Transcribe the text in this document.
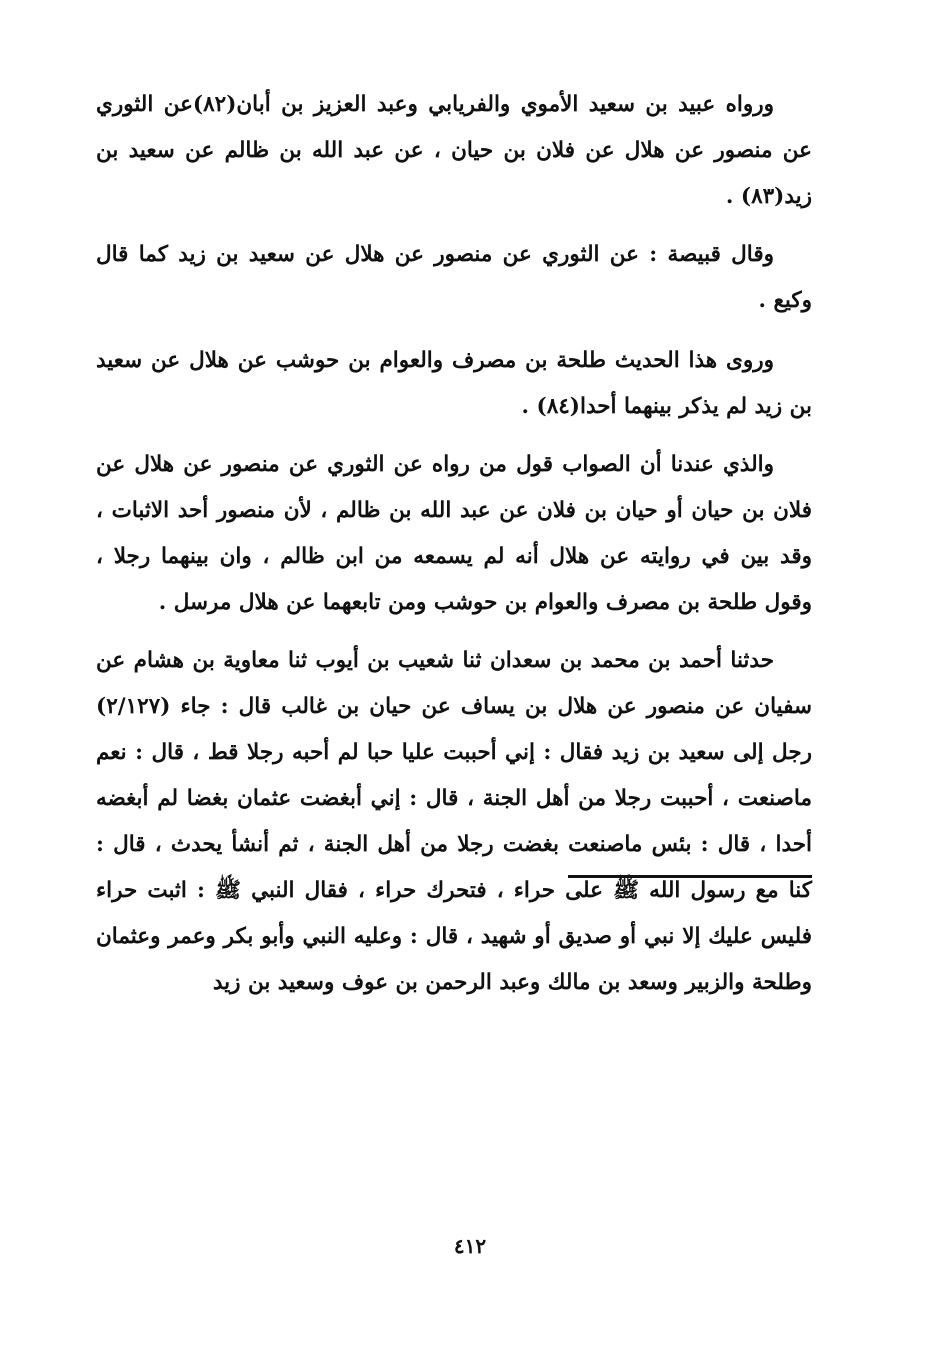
ورواه عبيد بن سعيد الأموي والفريابي وعبد العزيز بن أبان(٨٢)عن الثوري عن منصور عن هلال عن فلان بن حيان ، عن عبد الله بن ظالم عن سعيد بن زيد(٨٣) .

وقال قبيصة : عن الثوري عن منصور عن هلال عن سعيد بن زيد كما قال وكيع .

وروى هذا الحديث طلحة بن مصرف والعوام بن حوشب عن هلال عن سعيد بن زيد لم يذكر بينهما أحدا(٨٤) .

والذي عندنا أن الصواب قول من رواه عن الثوري عن منصور عن هلال عن فلان بن حيان أو حيان بن فلان عن عبد الله بن ظالم ، لأن منصور أحد الاثبات ، وقد بين في روايته عن هلال أنه لم يسمعه من ابن ظالم ، وان بينهما رجلا ، وقول طلحة بن مصرف والعوام بن حوشب ومن تابعهما عن هلال مرسل .

حدثنا أحمد بن محمد بن سعدان ثنا شعيب بن أيوب ثنا معاوية بن هشام عن سفيان عن منصور عن هلال بن يساف عن حيان بن غالب قال : جاء (٢/١٢٧) رجل إلى سعيد بن زيد فقال : إني أحببت عليا حبا لم أحبه رجلا قط ، قال : نعم ماصنعت ، أحببت رجلا من أهل الجنة ، قال : إني أبغضت عثمان بغضا لم أبغضه أحدا ، قال : بئس ماصنعت بغضت رجلا من أهل الجنة ، ثم أنشأ يحدث ، قال : كنا مع رسول الله ﷺ على حراء ، فتحرك حراء ، فقال النبي ﷺ : اثبت حراء فليس عليك إلا نبي أو صديق أو شهيد ، قال : وعليه النبي وأبو بكر وعمر وعثمان وطلحة والزبير وسعد بن مالك وعبد الرحمن بن عوف وسعيد بن زيد

٤١٢
